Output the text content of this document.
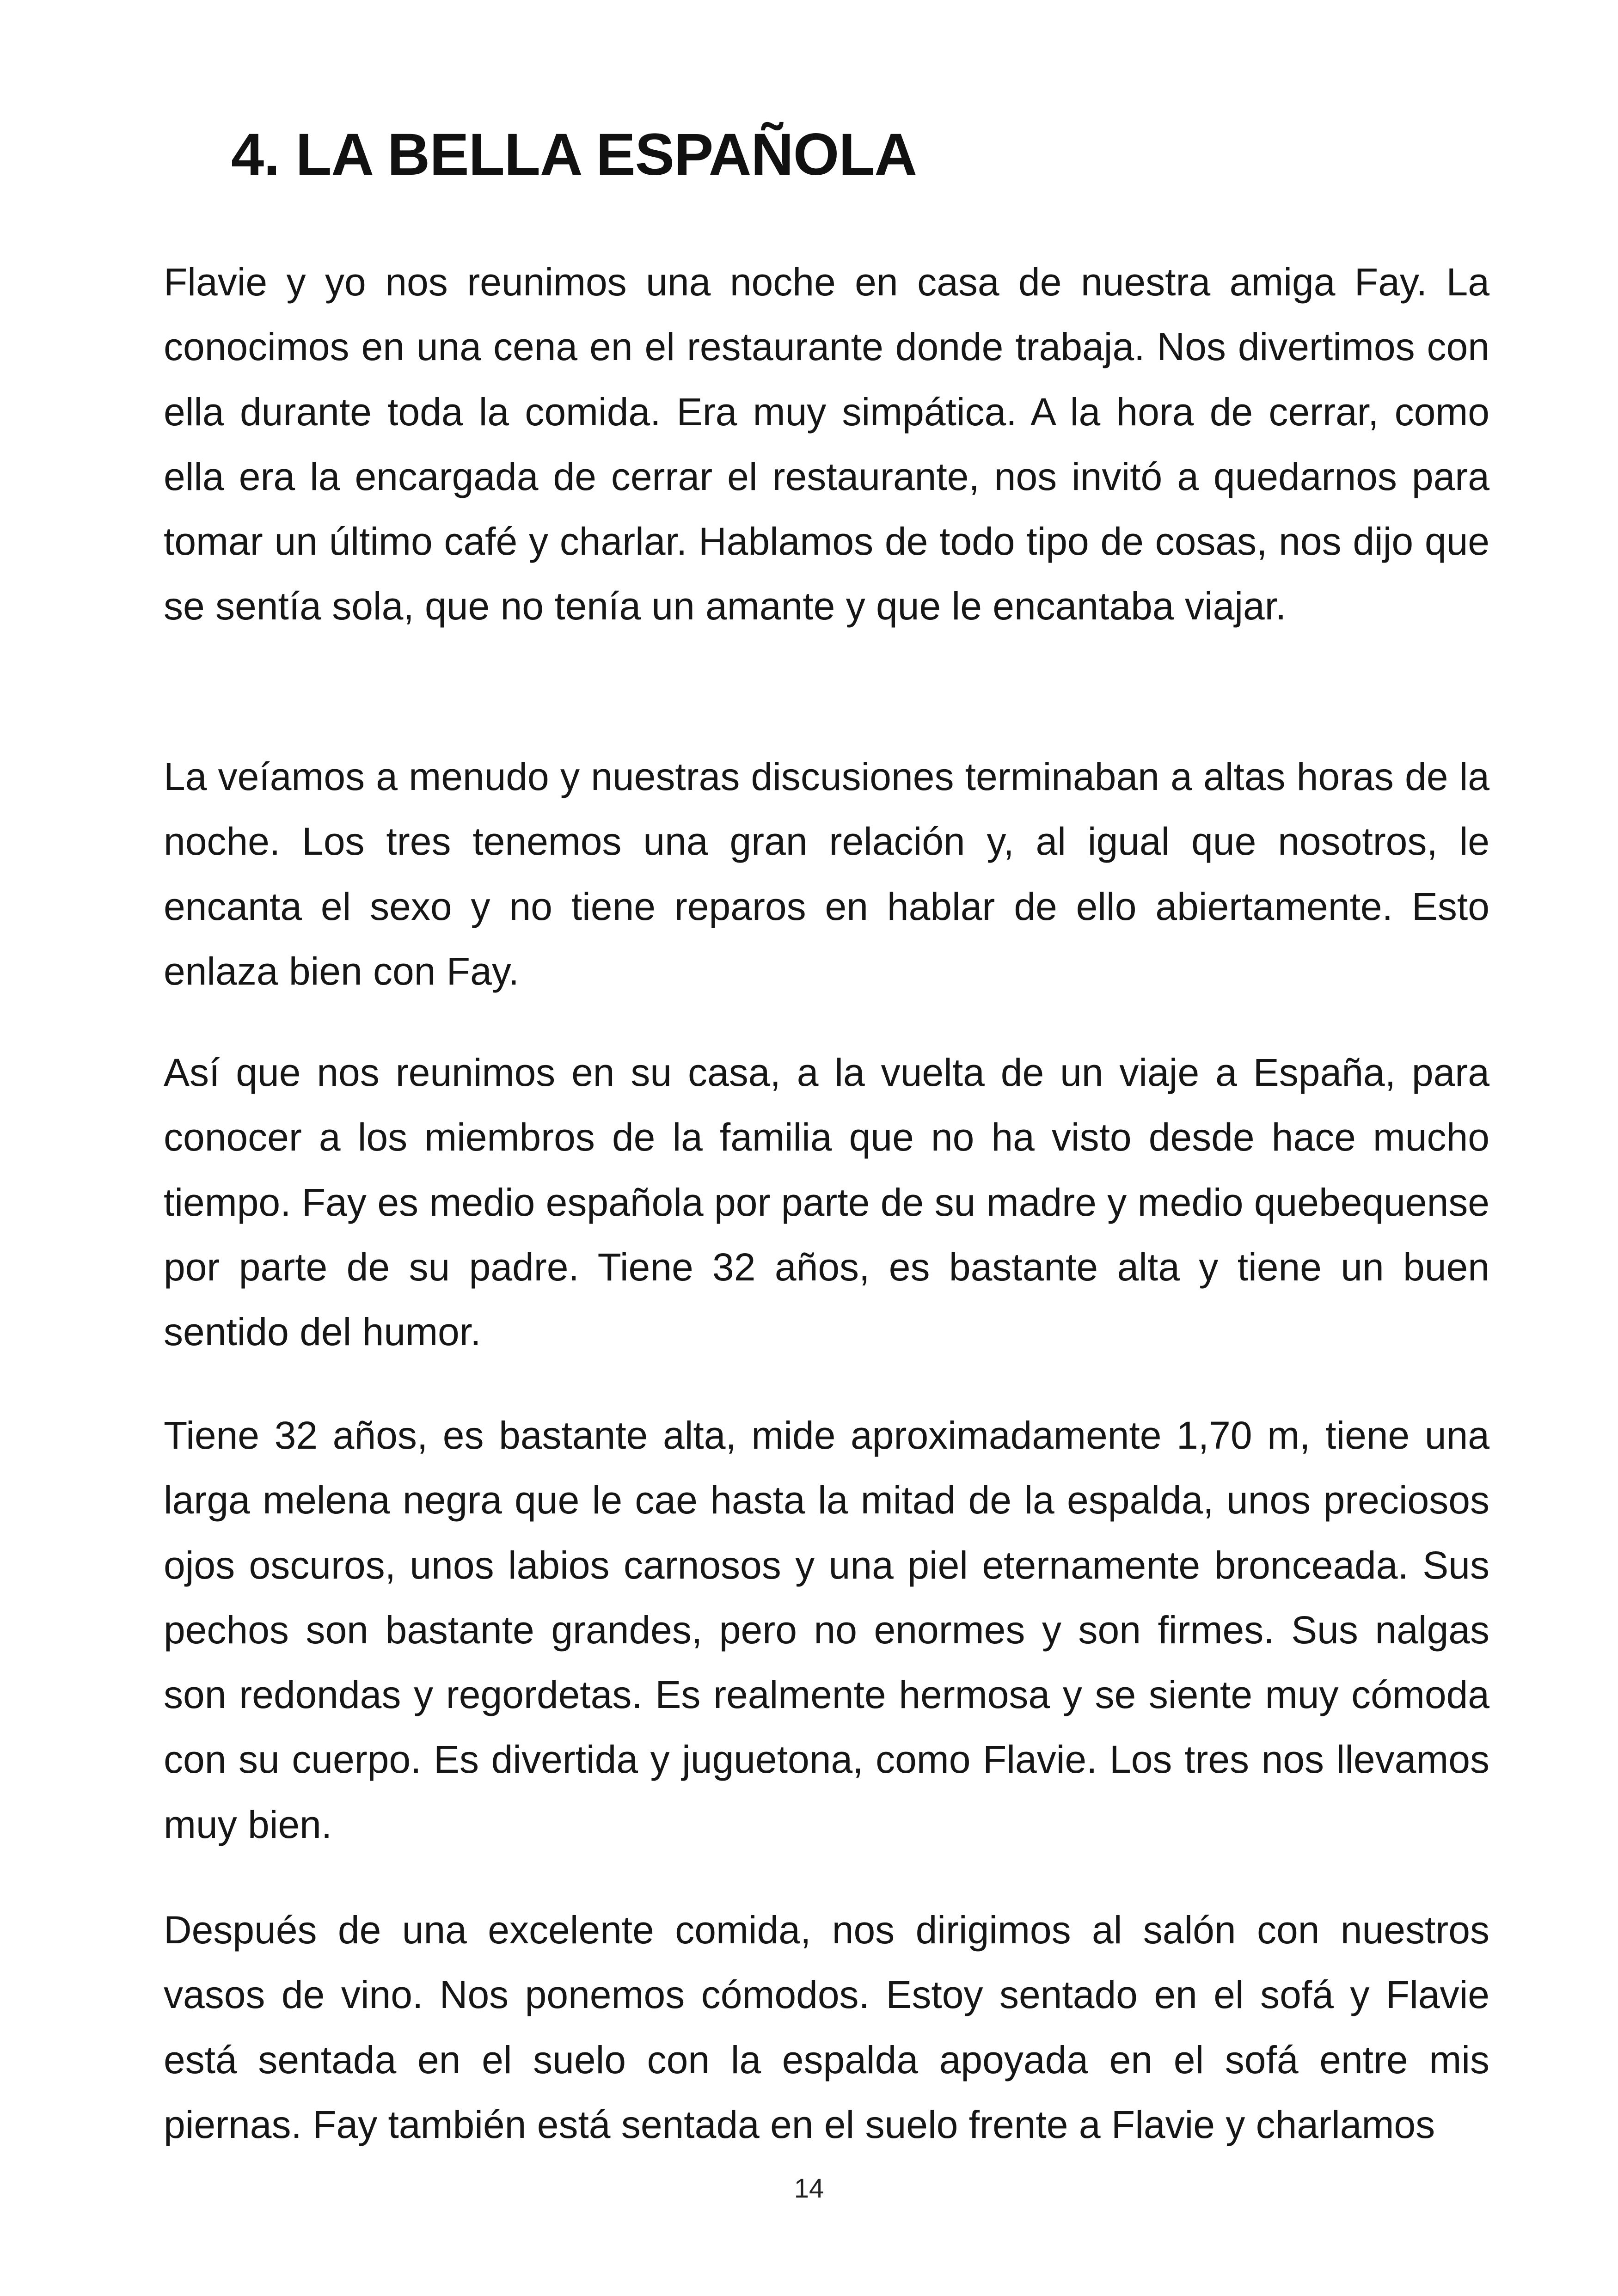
4. LA BELLA ESPAÑOLA

Flavie y yo nos reunimos una noche en casa de nuestra amiga Fay. La conocimos en una cena en el restaurante donde trabaja. Nos divertimos con ella durante toda la comida. Era muy simpática. A la hora de cerrar, como ella era la encargada de cerrar el restaurante, nos invitó a quedarnos para tomar un último café y charlar. Hablamos de todo tipo de cosas, nos dijo que se sentía sola, que no tenía un amante y que le encantaba viajar.

La veíamos a menudo y nuestras discusiones terminaban a altas horas de la noche. Los tres tenemos una gran relación y, al igual que nosotros, le encanta el sexo y no tiene reparos en hablar de ello abiertamente. Esto enlaza bien con Fay.

Así que nos reunimos en su casa, a la vuelta de un viaje a España, para conocer a los miembros de la familia que no ha visto desde hace mucho tiempo. Fay es medio española por parte de su madre y medio quebequense por parte de su padre. Tiene 32 años, es bastante alta y tiene un buen sentido del humor.

Tiene 32 años, es bastante alta, mide aproximadamente 1,70 m, tiene una larga melena negra que le cae hasta la mitad de la espalda, unos preciosos ojos oscuros, unos labios carnosos y una piel eternamente bronceada. Sus pechos son bastante grandes, pero no enormes y son firmes. Sus nalgas son redondas y regordetas. Es realmente hermosa y se siente muy cómoda con su cuerpo. Es divertida y juguetona, como Flavie. Los tres nos llevamos muy bien.

Después de una excelente comida, nos dirigimos al salón con nuestros vasos de vino. Nos ponemos cómodos. Estoy sentado en el sofá y Flavie está sentada en el suelo con la espalda apoyada en el sofá entre mis piernas. Fay también está sentada en el suelo frente a Flavie y charlamos

14
